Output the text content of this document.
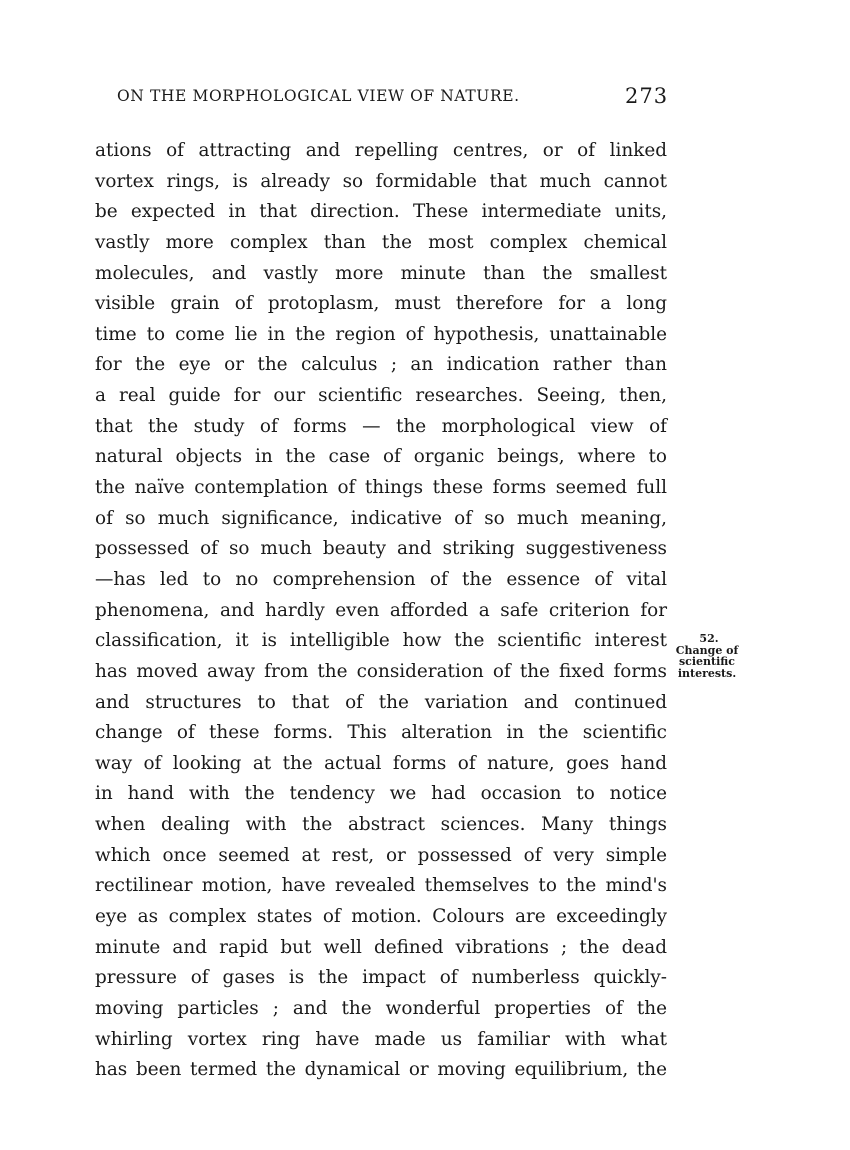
ON THE MORPHOLOGICAL VIEW OF NATURE.	273
ations of attracting and repelling centres, or of linked
vortex rings, is already so formidable that much cannot
be expected in that direction. These intermediate units,
vastly more complex than the most complex chemical
molecules, and vastly more minute than the smallest
visible grain of protoplasm, must therefore for a long
time to come lie in the region of hypothesis, unattainable
for the eye or the calculus ; an indication rather than
a real guide for our scientific researches. Seeing, then,
that the study of forms — the morphological view of
natural objects in the case of organic beings, where to
the naïve contemplation of things these forms seemed full
of so much significance, indicative of so much meaning,
possessed of so much beauty and striking suggestiveness
—has led to no comprehension of the essence of vital
phenomena, and hardly even afforded a safe criterion for
classification, it is intelligible how the scientific interest
has moved away from the consideration of the fixed forms
and structures to that of the variation and continued
change of these forms. This alteration in the scientific
way of looking at the actual forms of nature, goes hand
in hand with the tendency we had occasion to notice
when dealing with the abstract sciences. Many things
which once seemed at rest, or possessed of very simple
rectilinear motion, have revealed themselves to the mind's
eye as complex states of motion. Colours are exceedingly
minute and rapid but well defined vibrations ; the dead
pressure of gases is the impact of numberless quickly-
moving particles ; and the wonderful properties of the
whirling vortex ring have made us familiar with what
has been termed the dynamical or moving equilibrium, the
52.
Change of
scientific
interests.
